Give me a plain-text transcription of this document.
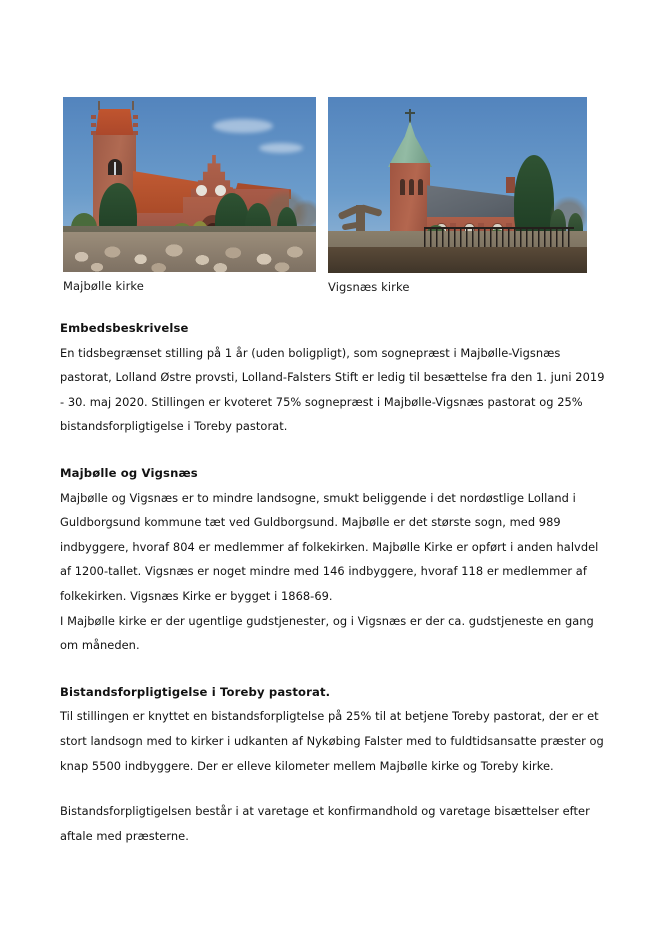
Majbølle kirke	Vigsnæs kirke
Embedsbeskrivelse

En tidsbegrænset stilling på 1 år (uden boligpligt), som sognepræst i Majbølle-Vigsnæs pastorat, Lolland Østre provsti, Lolland-Falsters Stift er ledig til besættelse fra den 1. juni 2019 - 30. maj 2020. Stillingen er kvoteret 75% sognepræst i Majbølle-Vigsnæs pastorat og 25% bistandsforpligtigelse i Toreby pastorat.

Majbølle og Vigsnæs

Majbølle og Vigsnæs er to mindre landsogne, smukt beliggende i det nordøstlige Lolland i Guldborgsund kommune tæt ved Guldborgsund. Majbølle er det største sogn, med 989 indbyggere, hvoraf 804 er medlemmer af folkekirken. Majbølle Kirke er opført i anden halvdel af 1200-tallet. Vigsnæs er noget mindre med 146 indbyggere, hvoraf 118 er medlemmer af folkekirken. Vigsnæs Kirke er bygget i 1868-69.

I Majbølle kirke er der ugentlige gudstjenester, og i Vigsnæs er der ca. gudstjeneste en gang om måneden.

Bistandsforpligtigelse i Toreby pastorat.

Til stillingen er knyttet en bistandsforpligtelse på 25% til at betjene Toreby pastorat, der er et stort landsogn med to kirker i udkanten af Nykøbing Falster med to fuldtidsansatte præster og knap 5500 indbyggere. Der er elleve kilometer mellem Majbølle kirke og Toreby kirke.

Bistandsforpligtigelsen består i at varetage et konfirmandhold og varetage bisættelser efter aftale med præsterne.
